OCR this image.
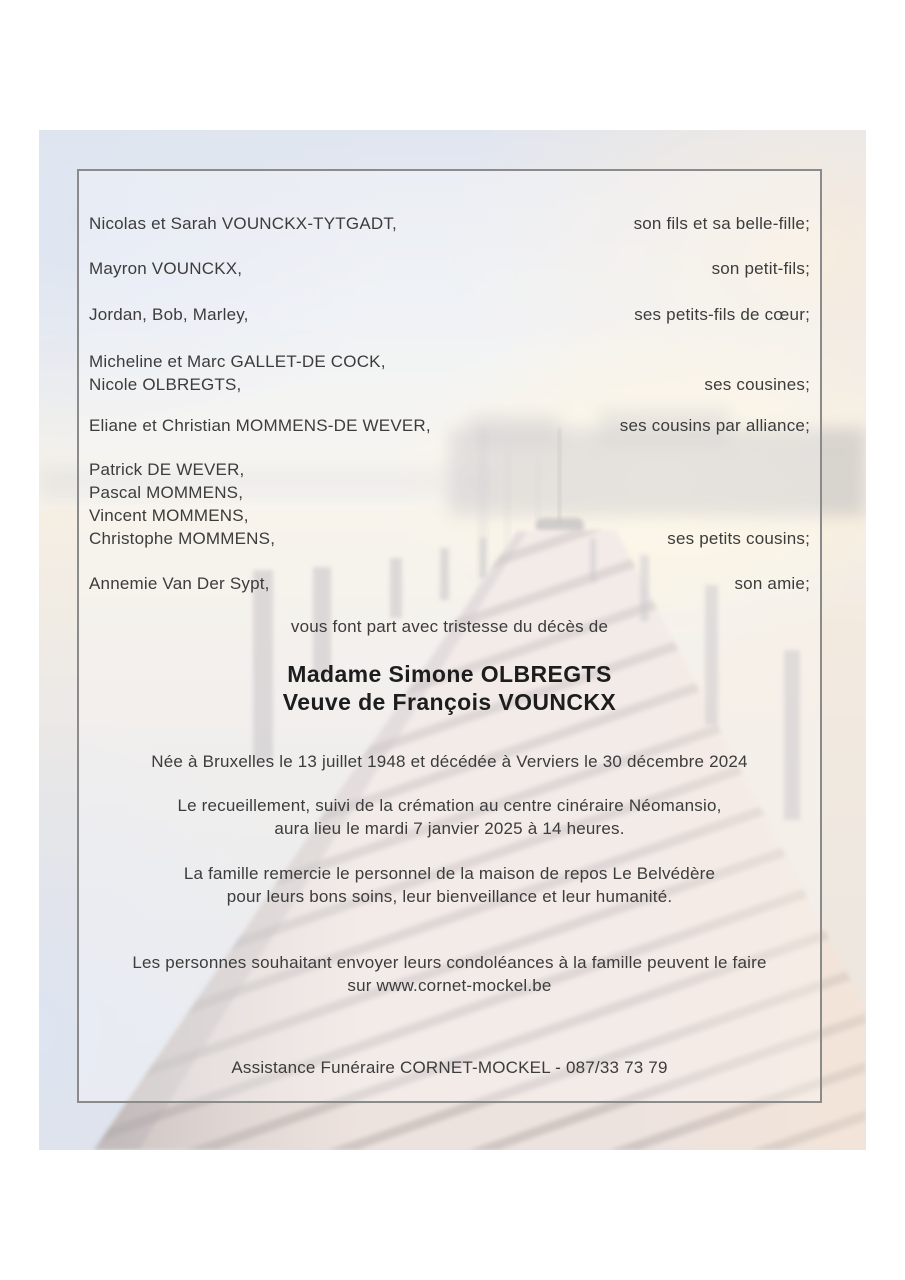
Nicolas et Sarah VOUNCKX-TYTGADT,	son fils et sa belle-fille;
Mayron VOUNCKX,	son petit-fils;
Jordan, Bob, Marley,	ses petits-fils de cœur;
Micheline et Marc GALLET-DE COCK,
Nicole OLBREGTS,	ses cousines;
Eliane et Christian MOMMENS-DE WEVER,	ses cousins par alliance;
Patrick DE WEVER,
Pascal MOMMENS,
Vincent MOMMENS,
Christophe MOMMENS,	ses petits cousins;
Annemie Van Der Sypt,	son amie;
vous font part avec tristesse du décès de
Madame Simone OLBREGTS
Veuve de François VOUNCKX
Née à Bruxelles le 13 juillet 1948 et décédée à Verviers le 30 décembre 2024
Le recueillement, suivi de la crémation au centre cinéraire Néomansio,
aura lieu le mardi 7 janvier 2025 à 14 heures.
La famille remercie le personnel de la maison de repos Le Belvédère
pour leurs bons soins, leur bienveillance et leur humanité.
Les personnes souhaitant envoyer leurs condoléances à la famille peuvent le faire
sur www.cornet-mockel.be
Assistance Funéraire CORNET-MOCKEL - 087/33 73 79
